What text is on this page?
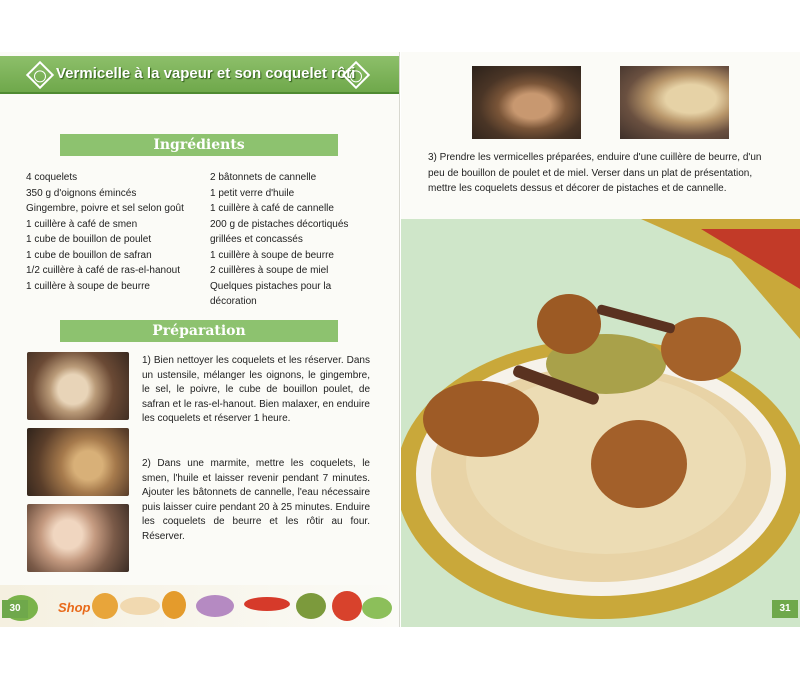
Vermicelle à la vapeur et son coquelet rôti
Ingrédients
4 coquelets
350 g d'oignons émincés
Gingembre, poivre et sel selon goût
1 cuillère à café de smen
1 cube de bouillon de poulet
1 cube de bouillon de safran
1/2 cuillère à café de ras-el-hanout
1 cuillère à soupe de beurre
2 bâtonnets de cannelle
1 petit verre d'huile
1 cuillère à café de cannelle
200 g de pistaches décortiqués
grillées et concassés
1 cuillère à soupe de beurre
2 cuillères à soupe de miel
Quelques pistaches pour la
décoration
Préparation
1) Bien nettoyer les coquelets et les réserver. Dans un ustensile, mélanger les oignons, le gingembre, le sel, le poivre, le cube de bouillon poulet, de safran et le ras-el-hanout. Bien malaxer, en enduire les coquelets et réserver 1 heure.
2) Dans une marmite, mettre les coquelets, le smen, l'huile et laisser revenir pendant 7 minutes. Ajouter les bâtonnets de cannelle, l'eau nécessaire puis laisser cuire pendant 20 à 25 minutes. Enduire les coquelets de beurre et les rôtir au four. Réserver.
Shop
30
3) Prendre les vermicelles préparées, enduire d'une cuillère de beurre, d'un peu de bouillon de poulet et de miel. Verser dans un plat de présentation, mettre les coquelets dessus et décorer de pistaches et de cannelle.
31
